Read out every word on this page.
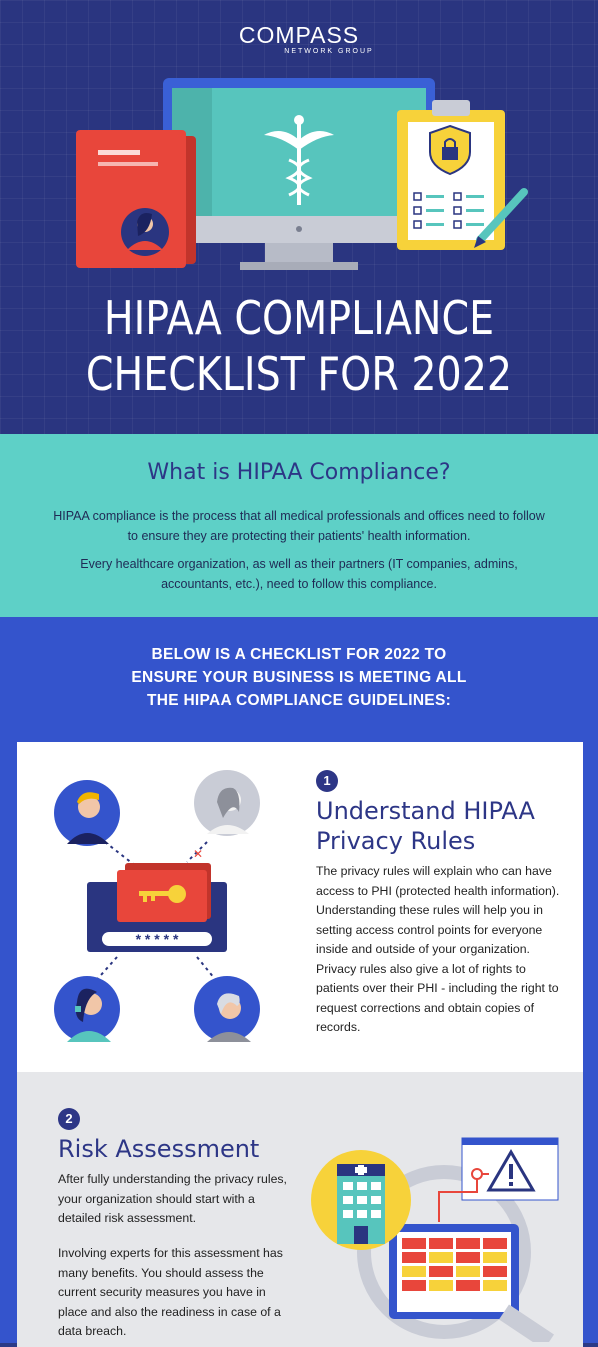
COMPASS
NETWORK GROUP
HIPAA COMPLIANCE
CHECKLIST FOR 2022
What is HIPAA Compliance?

HIPAA compliance is the process that all medical professionals and offices need to follow to ensure they are protecting their patients' health information.

Every healthcare organization, as well as their partners (IT companies, admins, accountants, etc.), need to follow this compliance.

BELOW IS A CHECKLIST FOR 2022 TO
ENSURE YOUR BUSINESS IS MEETING ALL
THE HIPAA COMPLIANCE GUIDELINES:
✕
* * * * *
1
Understand HIPAA
Privacy Rules

The privacy rules will explain who can have access to PHI (protected health information). Understanding these rules will help you in setting access control points for everyone inside and outside of your organization. Privacy rules also give a lot of rights to patients over their PHI - including the right to request corrections and obtain copies of records.

2
Risk Assessment

After fully understanding the privacy rules, your organization should start with a detailed risk assessment.

Involving experts for this assessment has many benefits. You should assess the current security measures you have in place and also the readiness in case of a data breach.
